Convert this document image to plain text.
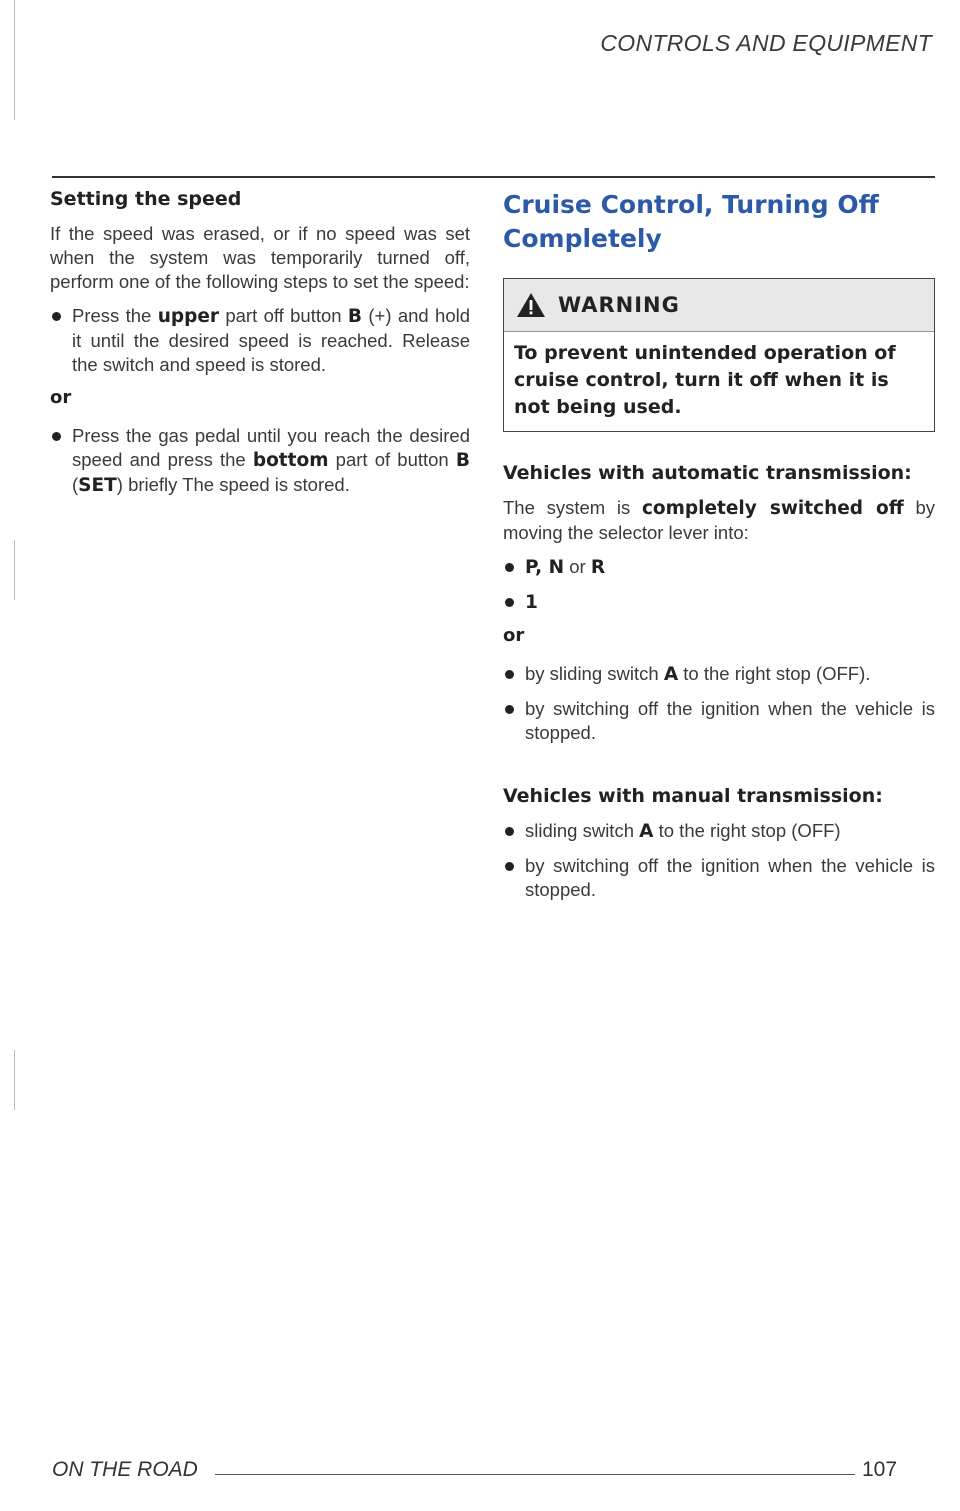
CONTROLS AND EQUIPMENT
Setting the speed

If the speed was erased, or if no speed was set when the system was temporarily turned off, perform one of the following steps to set the speed:

Press the upper part off button B (+) and hold it until the desired speed is reached. Release the switch and speed is stored.
or
Press the gas pedal until you reach the desired speed and press the bottom part of button B (SET) briefly The speed is stored.
Cruise Control, Turning Off Completely
WARNING
To prevent unintended operation of cruise control, turn it off when it is not being used.
Vehicles with automatic transmission:

The system is completely switched off by moving the selector lever into:

P, N or R
1
or
by sliding switch A to the right stop (OFF).
by switching off the ignition when the vehicle is stopped.
Vehicles with manual transmission:
sliding switch A to the right stop (OFF)
by switching off the ignition when the vehicle is stopped.
ON THE ROAD	107
